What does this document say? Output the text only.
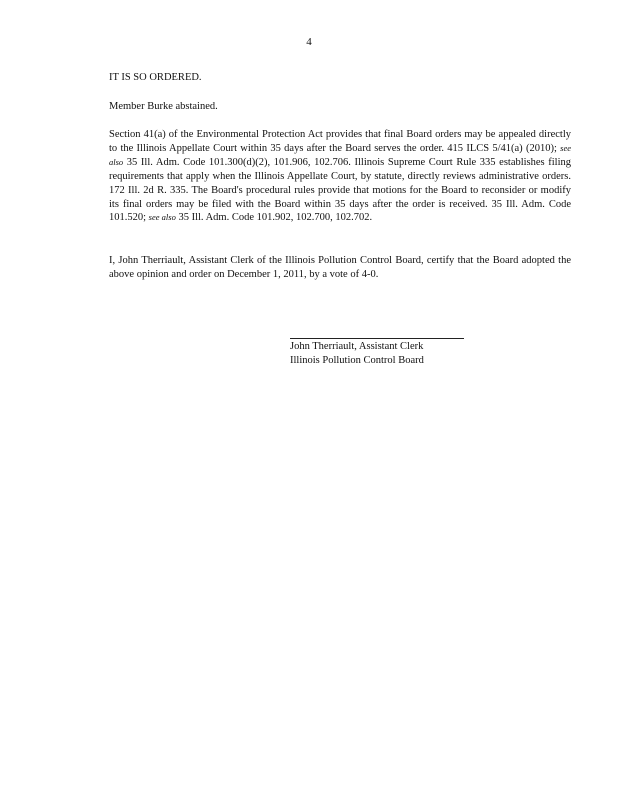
4

IT IS SO ORDERED.

Member Burke abstained.

Section 41(a) of the Environmental Protection Act provides that final Board orders may be appealed directly to the Illinois Appellate Court within 35 days after the Board serves the order. 415 ILCS 5/41(a) (2010); see also 35 Ill. Adm. Code 101.300(d)(2), 101.906, 102.706. Illinois Supreme Court Rule 335 establishes filing requirements that apply when the Illinois Appellate Court, by statute, directly reviews administrative orders. 172 Ill. 2d R. 335. The Board's procedural rules provide that motions for the Board to reconsider or modify its final orders may be filed with the Board within 35 days after the order is received. 35 Ill. Adm. Code 101.520; see also 35 Ill. Adm. Code 101.902, 102.700, 102.702.

I, John Therriault, Assistant Clerk of the Illinois Pollution Control Board, certify that the Board adopted the above opinion and order on December 1, 2011, by a vote of 4-0.

John Therriault, Assistant Clerk
Illinois Pollution Control Board
